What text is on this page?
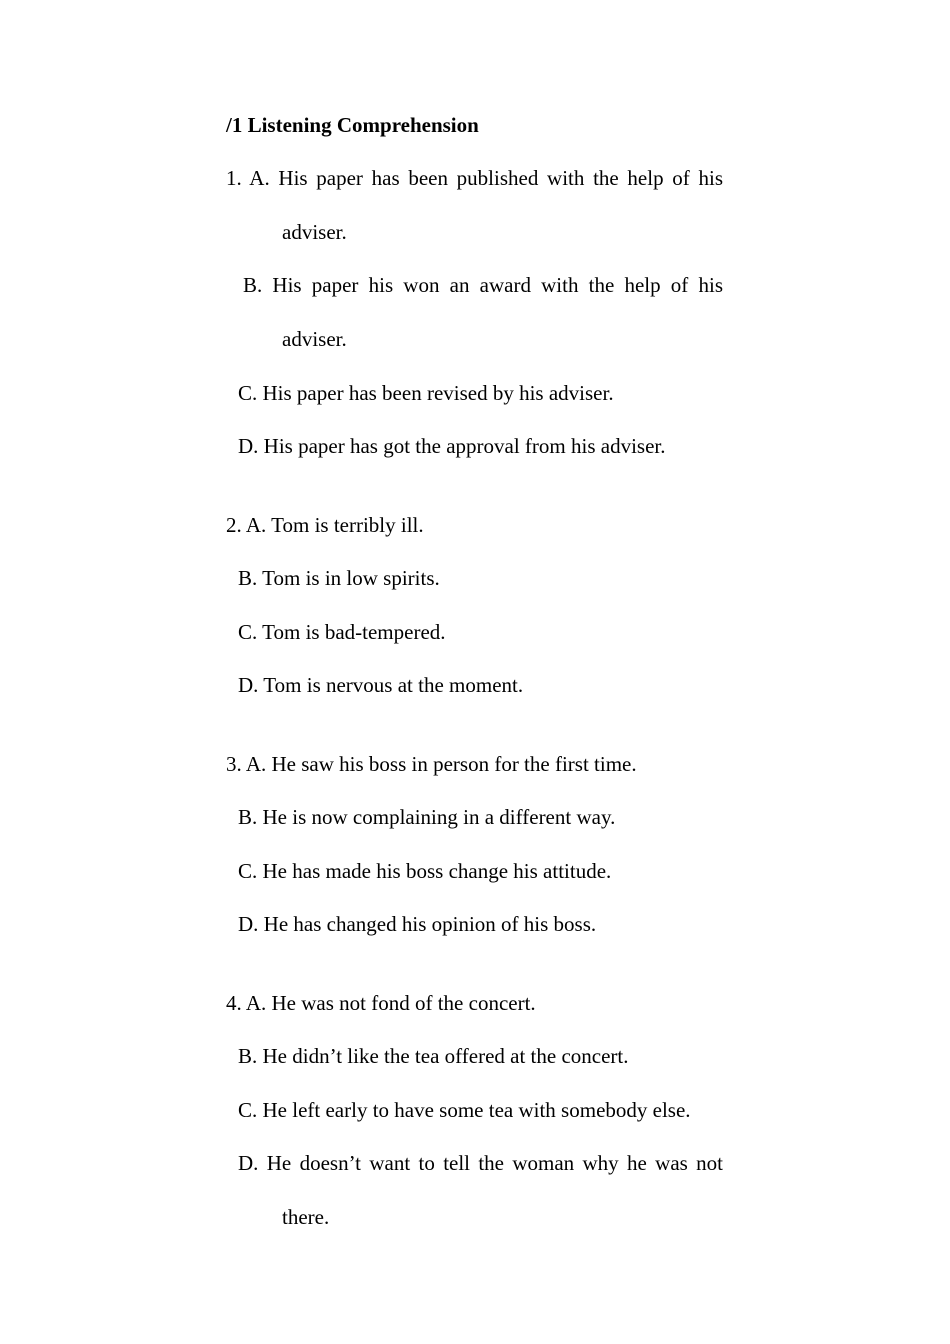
/1 Listening Comprehension
1. A. His paper has been published with the help of his
adviser.
B. His paper his won an award with the help of his
adviser.
C. His paper has been revised by his adviser.
D. His paper has got the approval from his adviser.
2. A. Tom is terribly ill.
B. Tom is in low spirits.
C. Tom is bad-tempered.
D. Tom is nervous at the moment.
3. A. He saw his boss in person for the first time.
B. He is now complaining in a different way.
C. He has made his boss change his attitude.
D. He has changed his opinion of his boss.
4. A. He was not fond of the concert.
B. He didn’t like the tea offered at the concert.
C. He left early to have some tea with somebody else.
D. He doesn’t want to tell the woman why he was not
there.
